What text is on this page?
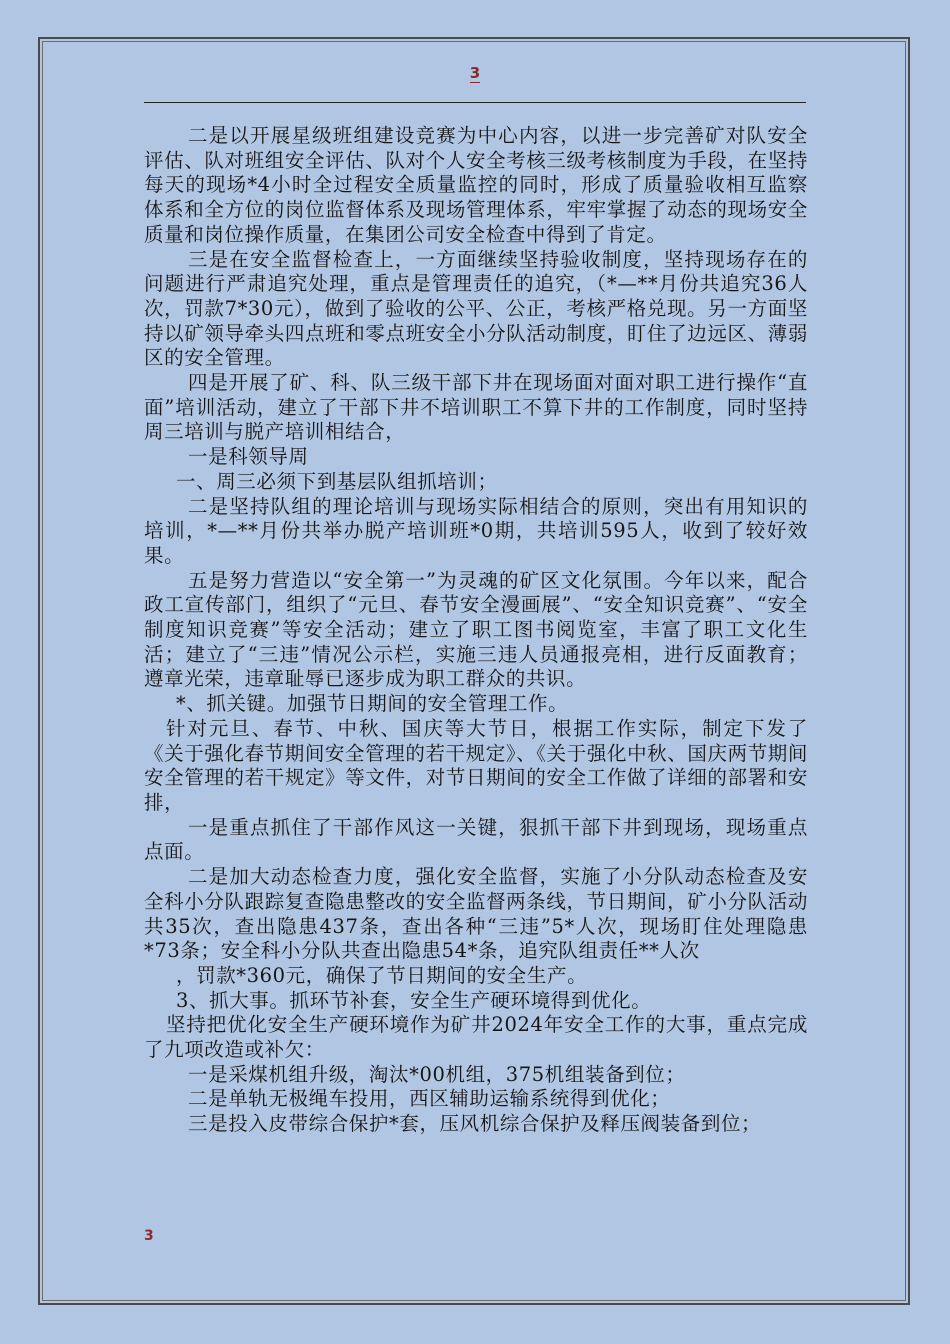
3

二是以开展星级班组建设竞赛为中心内容，以进一步完善矿对队安全评估、队对班组安全评估、队对个人安全考核三级考核制度为手段，在坚持每天的现场*4小时全过程安全质量监控的同时，形成了质量验收相互监察体系和全方位的岗位监督体系及现场管理体系，牢牢掌握了动态的现场安全质量和岗位操作质量，在集团公司安全检查中得到了肯定。

三是在安全监督检查上，一方面继续坚持验收制度，坚持现场存在的问题进行严肃追究处理，重点是管理责任的追究，（*—**月份共追究36人次，罚款7*30元），做到了验收的公平、公正，考核严格兑现。另一方面坚持以矿领导牵头四点班和零点班安全小分队活动制度，盯住了边远区、薄弱区的安全管理。

四是开展了矿、科、队三级干部下井在现场面对面对职工进行操作“直面”培训活动，建立了干部下井不培训职工不算下井的工作制度，同时坚持周三培训与脱产培训相结合，

一是科领导周

一、周三必须下到基层队组抓培训；

二是坚持队组的理论培训与现场实际相结合的原则，突出有用知识的培训，*—**月份共举办脱产培训班*0期，共培训595人，收到了较好效果。

五是努力营造以“安全第一”为灵魂的矿区文化氛围。今年以来，配合政工宣传部门，组织了“元旦、春节安全漫画展”、“安全知识竞赛”、“安全制度知识竞赛”等安全活动；建立了职工图书阅览室，丰富了职工文化生活；建立了“三违”情况公示栏，实施三违人员通报亮相，进行反面教育；遵章光荣，违章耻辱已逐步成为职工群众的共识。

*、抓关键。加强节日期间的安全管理工作。

针对元旦、春节、中秋、国庆等大节日，根据工作实际，制定下发了《关于强化春节期间安全管理的若干规定》、《关于强化中秋、国庆两节期间安全管理的若干规定》等文件，对节日期间的安全工作做了详细的部署和安排，

一是重点抓住了干部作风这一关键，狠抓干部下井到现场，现场重点点面。

二是加大动态检查力度，强化安全监督，实施了小分队动态检查及安全科小分队跟踪复查隐患整改的安全监督两条线，节日期间，矿小分队活动共35次，查出隐患437条，查出各种“三违”5*人次，现场盯住处理隐患*73条；安全科小分队共查出隐患54*条，追究队组责任**人次

，罚款*360元，确保了节日期间的安全生产。

3、抓大事。抓环节补套，安全生产硬环境得到优化。

坚持把优化安全生产硬环境作为矿井2024年安全工作的大事，重点完成了九项改造或补欠：

一是采煤机组升级，淘汰*00机组，375机组装备到位；

二是单轨无极绳车投用，西区辅助运输系统得到优化；

三是投入皮带综合保护*套，压风机综合保护及释压阀装备到位；

3
